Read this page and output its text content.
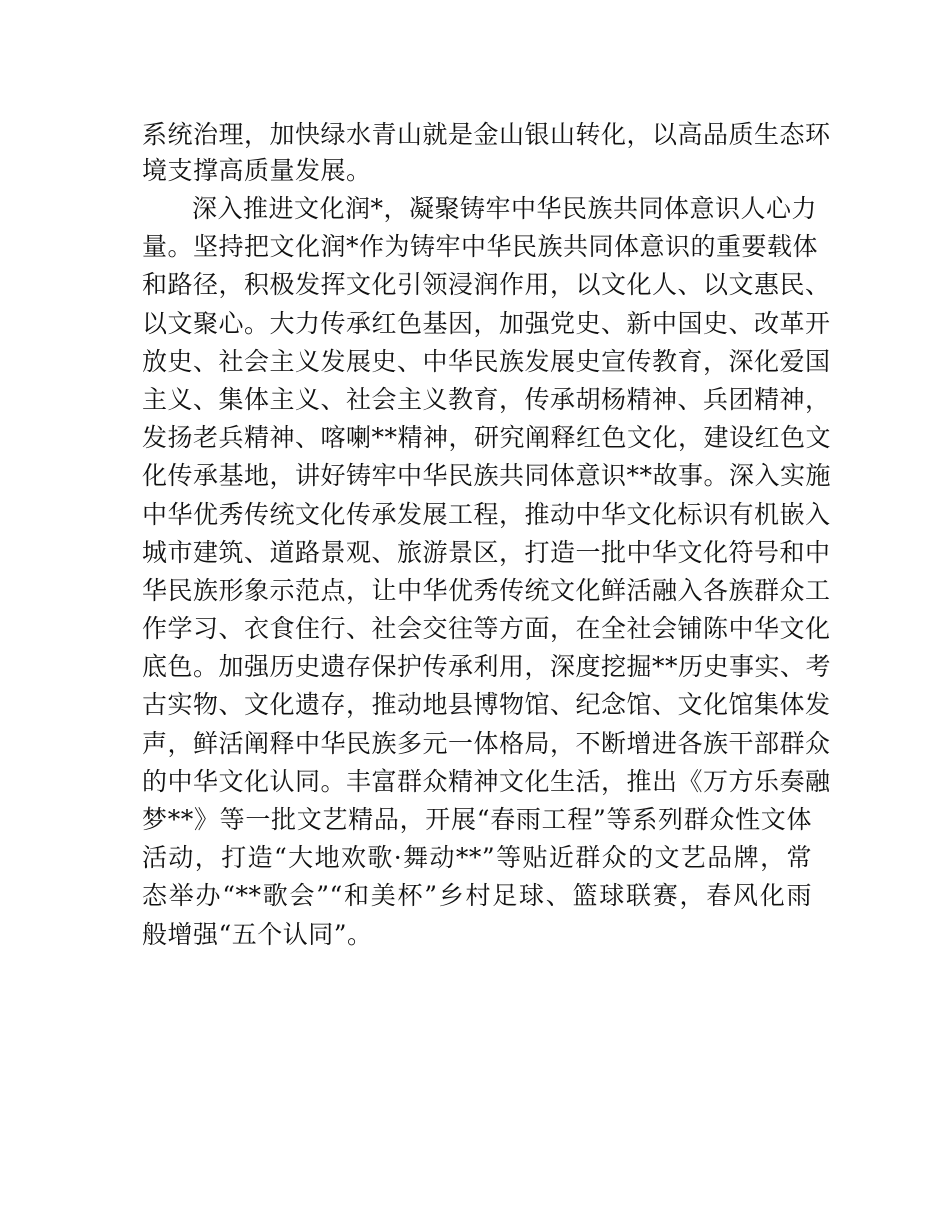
系统治理，加快绿水青山就是金山银山转化，以高品质生态环
境支撑高质量发展。
深入推进文化润*，凝聚铸牢中华民族共同体意识人心力
量。坚持把文化润*作为铸牢中华民族共同体意识的重要载体
和路径，积极发挥文化引领浸润作用，以文化人、以文惠民、
以文聚心。大力传承红色基因，加强党史、新中国史、改革开
放史、社会主义发展史、中华民族发展史宣传教育，深化爱国
主义、集体主义、社会主义教育，传承胡杨精神、兵团精神，
发扬老兵精神、喀喇**精神，研究阐释红色文化，建设红色文
化传承基地，讲好铸牢中华民族共同体意识**故事。深入实施
中华优秀传统文化传承发展工程，推动中华文化标识有机嵌入
城市建筑、道路景观、旅游景区，打造一批中华文化符号和中
华民族形象示范点，让中华优秀传统文化鲜活融入各族群众工
作学习、衣食住行、社会交往等方面，在全社会铺陈中华文化
底色。加强历史遗存保护传承利用，深度挖掘**历史事实、考
古实物、文化遗存，推动地县博物馆、纪念馆、文化馆集体发
声，鲜活阐释中华民族多元一体格局，不断增进各族干部群众
的中华文化认同。丰富群众精神文化生活，推出《万方乐奏融
梦**》等一批文艺精品，开展“春雨工程”等系列群众性文体
活动，打造“大地欢歌·舞动**”等贴近群众的文艺品牌，常
态举办“**歌会”“和美杯”乡村足球、篮球联赛，春风化雨
般增强“五个认同”。
